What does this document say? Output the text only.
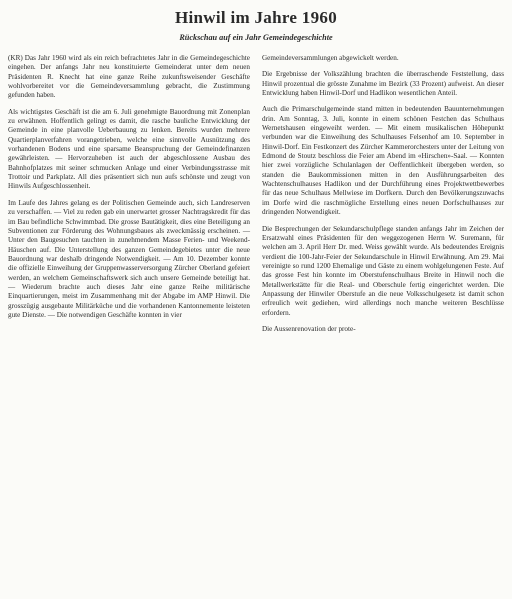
Hinwil im Jahre 1960
Rückschau auf ein Jahr Gemeindegeschichte

(KR) Das Jahr 1960 wird als ein reich befrachtetes Jahr in die Gemeindegeschichte eingehen. Der anfangs Jahr neu konstituierte Gemeinderat unter dem neuen Präsidenten R. Knecht hat eine ganze Reihe zukunftsweisender Geschäfte wohlvorbereitet vor die Gemeindeversammlung gebracht, die Zustimmung gefunden haben.

Als wichtigstes Geschäft ist die am 6. Juli genehmigte Bauordnung mit Zonenplan zu erwähnen. Hoffentlich gelingt es damit, die rasche bauliche Entwicklung der Gemeinde in eine planvolle Ueberbauung zu lenken. Bereits wurden mehrere Quartierplanverfahren vorangetrieben, welche eine sinnvolle Ausnützung des vorhandenen Bodens und eine sparsame Beanspruchung der Gemeindefinanzen gewährleisten. — Hervorzuheben ist auch der abgeschlossene Ausbau des Bahnhofplatzes mit seiner schmucken Anlage und einer Verbindungsstrasse mit Trottoir und Parkplatz. All dies präsentiert sich nun aufs schönste und zeugt von Hinwils Aufgeschlossenheit.

Im Laufe des Jahres gelang es der Politischen Gemeinde auch, sich Landreserven zu verschaffen. — Viel zu reden gab ein unerwartet grosser Nachtragskredit für das im Bau befindliche Schwimmbad. Die grosse Bautätigkeit, dies eine Beteiligung an Subventionen zur Förderung des Wohnungsbaues als zweckmässig erscheinen. — Unter den Baugesuchen tauchten in zunehmendem Masse Ferien- und Weekend-Häuschen auf. Die Unterstellung des ganzen Gemeindegebietes unter die neue Bauordnung war deshalb dringende Notwendigkeit. — Am 10. Dezember konnte die offizielle Einweihung der Gruppenwasserversorgung Zürcher Oberland gefeiert werden, an welchem Gemeinschaftswerk sich auch unsere Gemeinde beteiligt hat. — Wiederum brachte auch dieses Jahr eine ganze Reihe militärische Einquartierungen, meist im Zusammenhang mit der Abgabe im AMP Hinwil. Die grosszügig ausgebaute Militärküche und die vorhandenen Kantonnemente leisteten gute Dienste. — Die notwendigen Geschäfte konnten in vier

Gemeindeversammlungen abgewickelt werden.

Die Ergebnisse der Volkszählung brachten die überraschende Feststellung, dass Hinwil prozentual die grösste Zunahme im Bezirk (33 Prozent) aufweist. An dieser Entwicklung haben Hinwil-Dorf und Hadlikon wesentlichen Anteil.

Auch die Primarschulgemeinde stand mitten in bedeutenden Bauunternehmungen drin. Am Sonntag, 3. Juli, konnte in einem schönen Festchen das Schulhaus Wernetshausen eingeweiht werden. — Mit einem musikalischen Höhepunkt verbunden war die Einweihung des Schulhauses Felsenhof am 10. September in Hinwil-Dorf. Ein Festkonzert des Zürcher Kammerorchesters unter der Leitung von Edmond de Stoutz beschloss die Feier am Abend im «Hirschen»-Saal. — Konnten hier zwei vorzügliche Schulanlagen der Oeffentlichkeit übergeben werden, so standen die Baukommissionen mitten in den Ausführungsarbeiten des Wachtenschulhauses Hadlikon und der Durchführung eines Projektwettbewerbes für das neue Schulhaus Mellwiese im Dorfkern. Durch den Bevölkerungszuwachs im Dorfe wird die raschmögliche Erstellung eines neuen Dorfschulhauses zur dringenden Notwendigkeit.

Die Besprechungen der Sekundarschulpflege standen anfangs Jahr im Zeichen der Ersatzwahl eines Präsidenten für den weggezogenen Herrn W. Suremann, für welchen am 3. April Herr Dr. med. Weiss gewählt wurde. Als bedeutendes Ereignis verdient die 100-Jahr-Feier der Sekundarschule in Hinwil Erwähnung. Am 29. Mai vereinigte so rund 1200 Ehemalige und Gäste zu einem wohlgelungenen Feste. Auf das grosse Fest hin konnte im Oberstufenschulhaus Breite in Hinwil noch die Metallwerkstätte für die Real- und Oberschule fertig eingerichtet werden. Die Anpassung der Hinwiler Oberstufe an die neue Volksschulgesetz ist damit schon erfreulich weit gediehen, wird allerdings noch manche weiteren Beschlüsse erfordern.

Die Aussenrenovation der prote-
